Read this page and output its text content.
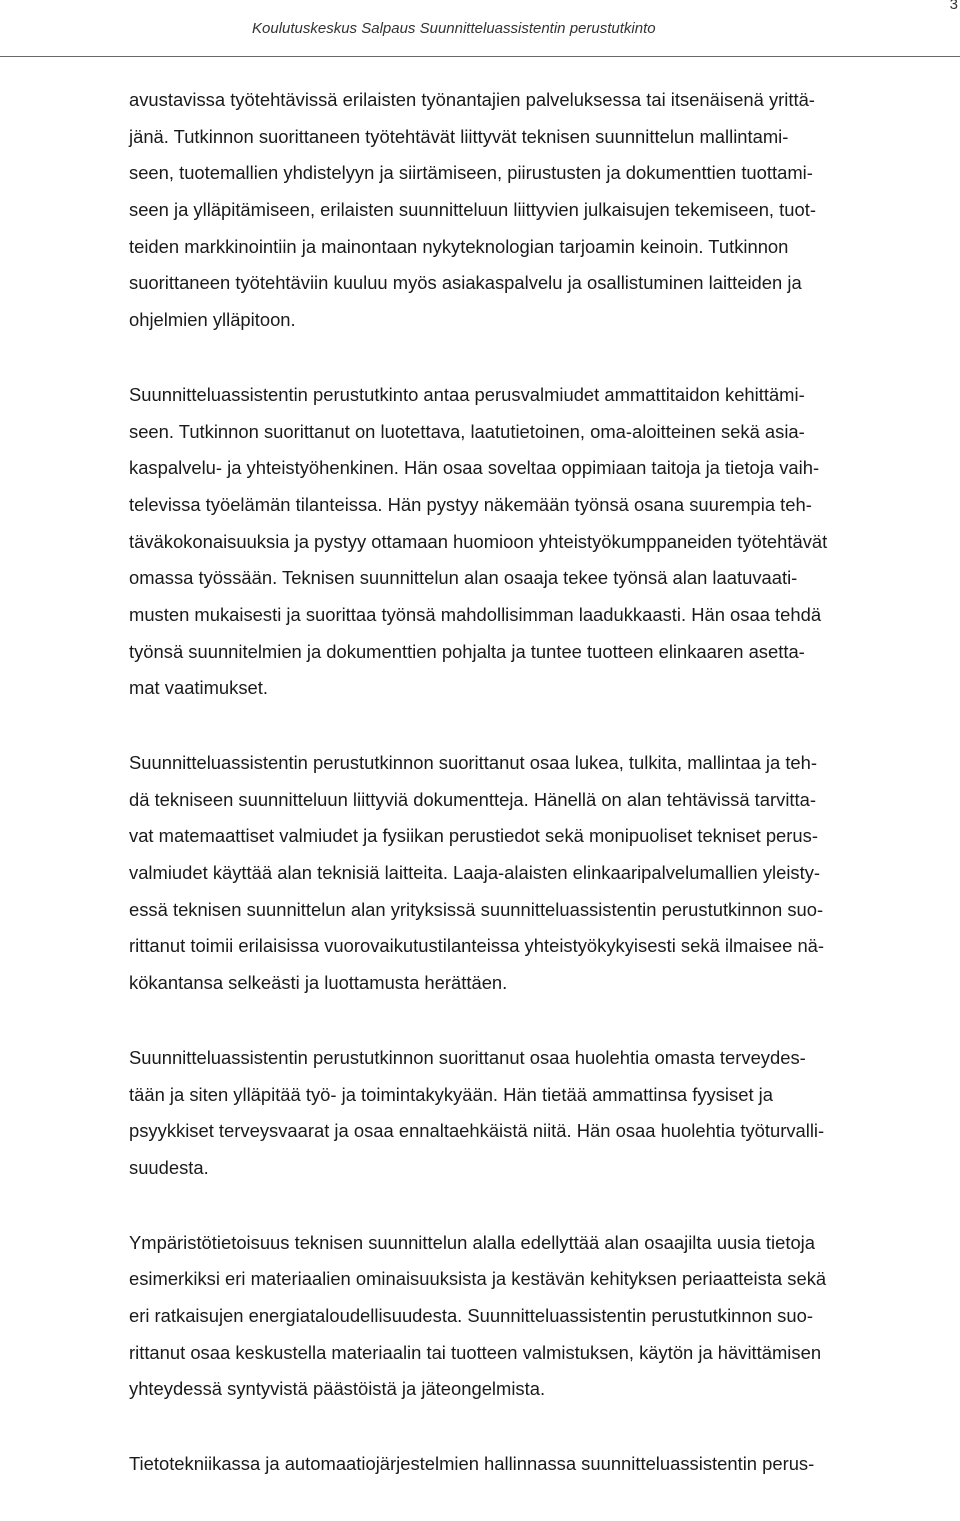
Koulutuskeskus Salpaus Suunnitteluassistentin perustutkinto
3
avustavissa työtehtävissä erilaisten työnantajien palveluksessa tai itsenäisenä yrittä-
jänä. Tutkinnon suorittaneen työtehtävät liittyvät teknisen suunnittelun mallintami-
seen, tuotemallien yhdistelyyn ja siirtämiseen, piirustusten ja dokumenttien tuottami-
seen ja ylläpitämiseen, erilaisten suunnitteluun liittyvien julkaisujen tekemiseen, tuot-
teiden markkinointiin ja mainontaan nykyteknologian tarjoamin keinoin. Tutkinnon
suorittaneen työtehtäviin kuuluu myös asiakaspalvelu ja osallistuminen laitteiden ja
ohjelmien ylläpitoon.
Suunnitteluassistentin perustutkinto antaa perusvalmiudet ammattitaidon kehittämi-
seen. Tutkinnon suorittanut on luotettava, laatutietoinen, oma-aloitteinen sekä asia-
kaspalvelu- ja yhteistyöhenkinen. Hän osaa soveltaa oppimiaan taitoja ja tietoja vaih-
televissa työelämän tilanteissa. Hän pystyy näkemään työnsä osana suurempia teh-
täväkokonaisuuksia ja pystyy ottamaan huomioon yhteistyökumppaneiden työtehtävät
omassa työssään. Teknisen suunnittelun alan osaaja tekee työnsä alan laatuvaati-
musten mukaisesti ja suorittaa työnsä mahdollisimman laadukkaasti. Hän osaa tehdä
työnsä suunnitelmien ja dokumenttien pohjalta ja tuntee tuotteen elinkaaren asetta-
mat vaatimukset.
Suunnitteluassistentin perustutkinnon suorittanut osaa lukea, tulkita, mallintaa ja teh-
dä tekniseen suunnitteluun liittyviä dokumentteja. Hänellä on alan tehtävissä tarvitta-
vat matemaattiset valmiudet ja fysiikan perustiedot sekä monipuoliset tekniset perus-
valmiudet käyttää alan teknisiä laitteita. Laaja-alaisten elinkaaripalvelumallien yleisty-
essä teknisen suunnittelun alan yrityksissä suunnitteluassistentin perustutkinnon suo-
rittanut toimii erilaisissa vuorovaikutustilanteissa yhteistyökykyisesti sekä ilmaisee nä-
kökantansa selkeästi ja luottamusta herättäen.
Suunnitteluassistentin perustutkinnon suorittanut osaa huolehtia omasta terveydes-
tään ja siten ylläpitää työ- ja toimintakykyään. Hän tietää ammattinsa fyysiset ja
psyykkiset terveysvaarat ja osaa ennaltaehkäistä niitä. Hän osaa huolehtia työturvalli-
suudesta.
Ympäristötietoisuus teknisen suunnittelun alalla edellyttää alan osaajilta uusia tietoja
esimerkiksi eri materiaalien ominaisuuksista ja kestävän kehityksen periaatteista sekä
eri ratkaisujen energiataloudellisuudesta. Suunnitteluassistentin perustutkinnon suo-
rittanut osaa keskustella materiaalin tai tuotteen valmistuksen, käytön ja hävittämisen
yhteydessä syntyvistä päästöistä ja jäteongelmista.
Tietotekniikassa ja automaatiojärjestelmien hallinnassa suunnitteluassistentin perus-
